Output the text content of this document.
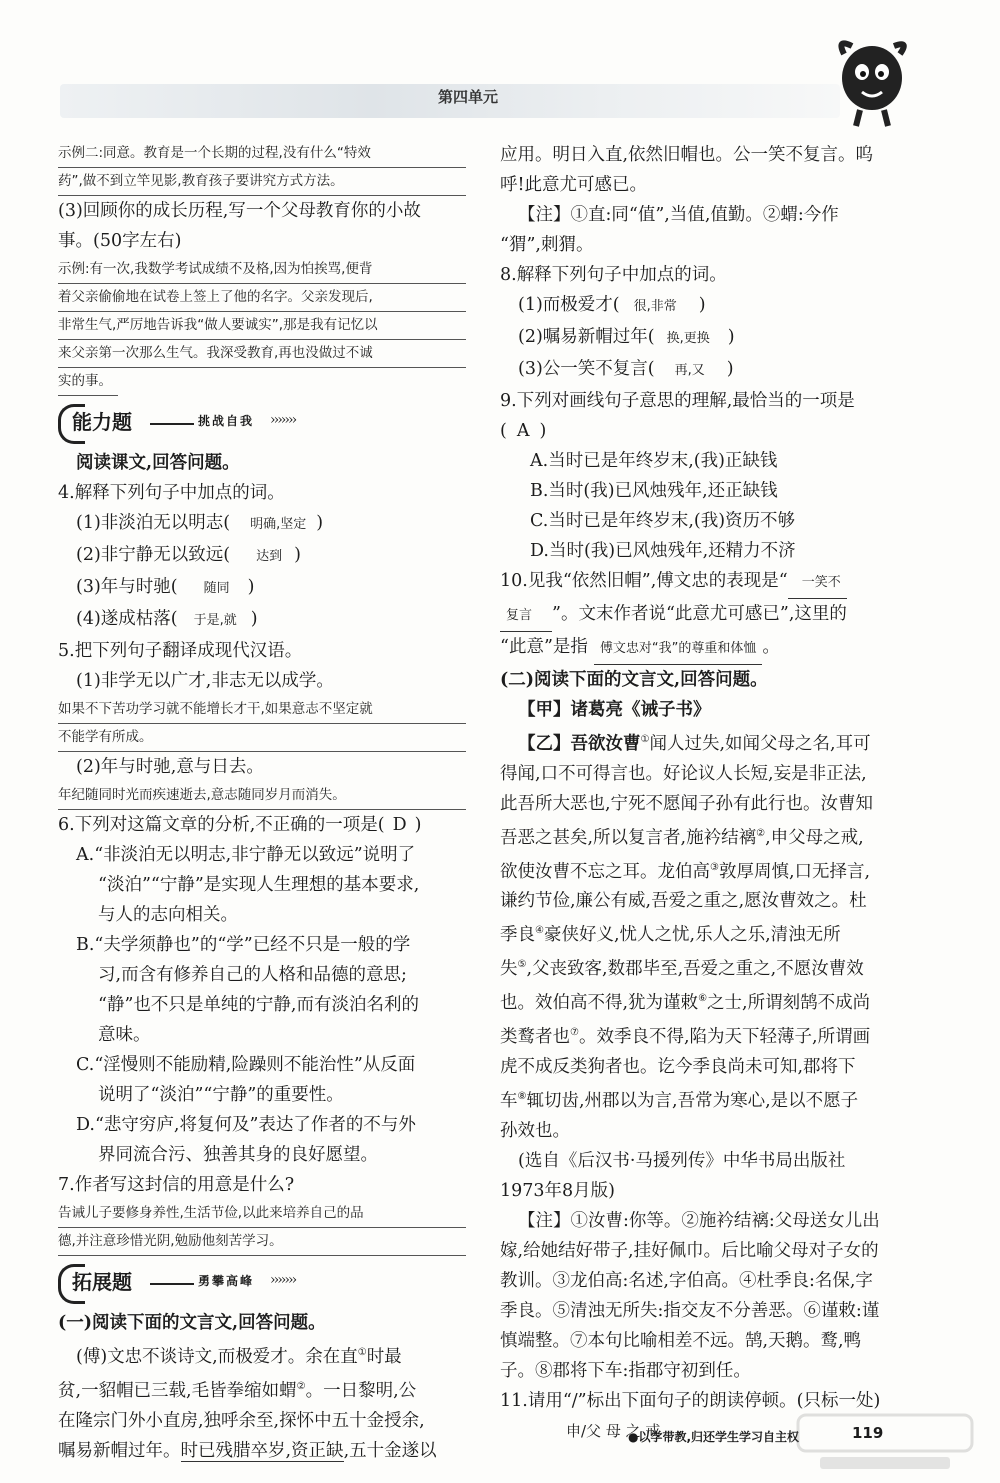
第四单元

示例二:同意。教育是一个长期的过程,没有什么“特效

药”,做不到立竿见影,教育孩子要讲究方式方法。

(3)回顾你的成长历程,写一个父母教育你的小故

事。(50字左右)

示例:有一次,我数学考试成绩不及格,因为怕挨骂,便背

着父亲偷偷地在试卷上签上了他的名字。父亲发现后,

非常生气,严厉地告诉我“做人要诚实”,那是我有记忆以

来父亲第一次那么生气。我深受教育,再也没做过不诚

实的事。

能力题	挑战自我 ›››››››

阅读课文,回答问题。

4.解释下列句子中加点的词。

(1)非淡泊无以明志( 明确,坚定 )

(2)非宁静无以致远( 达到 )

(3)年与时驰( 随同 )

(4)遂成枯落( 于是,就 )

5.把下列句子翻译成现代汉语。

(1)非学无以广才,非志无以成学。

如果不下苦功学习就不能增长才干,如果意志不坚定就

不能学有所成。

(2)年与时驰,意与日去。

年纪随同时光而疾速逝去,意志随同岁月而消失。

6.下列对这篇文章的分析,不正确的一项是( D )

A.“非淡泊无以明志,非宁静无以致远”说明了

“淡泊”“宁静”是实现人生理想的基本要求,

与人的志向相关。

B.“夫学须静也”的“学”已经不只是一般的学

习,而含有修养自己的人格和品德的意思;

“静”也不只是单纯的宁静,而有淡泊名利的

意味。

C.“淫慢则不能励精,险躁则不能治性”从反面

说明了“淡泊”“宁静”的重要性。

D.“悲守穷庐,将复何及”表达了作者的不与外

界同流合污、独善其身的良好愿望。

7.作者写这封信的用意是什么?

告诫儿子要修身养性,生活节俭,以此来培养自己的品

德,并注意珍惜光阴,勉励他刻苦学习。

拓展题	勇攀高峰 ›››››››

(一)阅读下面的文言文,回答问题。

(傅)文忠不谈诗文,而极爱才。余在直①时最

贫,一貂帽已三载,毛皆拳缩如蝟②。一日黎明,公

在隆宗门外小直房,独呼余至,探怀中五十金授余,

嘱易新帽过年。时已残腊卒岁,资正缺,五十金遂以

应用。明日入直,依然旧帽也。公一笑不复言。呜

呼!此意尤可感已。

【注】①直:同“值”,当值,值勤。②蝟:今作

“猬”,刺猬。

8.解释下列句子中加点的词。

(1)而极爱才( 很,非常 )

(2)嘱易新帽过年( 换,更换 )

(3)公一笑不复言( 再,又 )

9.下列对画线句子意思的理解,最恰当的一项是

( A )

A.当时已是年终岁末,(我)正缺钱

B.当时(我)已风烛残年,还正缺钱

C.当时已是年终岁末,(我)资历不够

D.当时(我)已风烛残年,还精力不济

10.见我“依然旧帽”,傅文忠的表现是“ 一笑不

复言 ”。文末作者说“此意尤可感已”,这里的

“此意”是指 傅文忠对“我”的尊重和体恤 。

(二)阅读下面的文言文,回答问题。

【甲】诸葛亮《诫子书》

【乙】吾欲汝曹①闻人过失,如闻父母之名,耳可

得闻,口不可得言也。好论议人长短,妄是非正法,

此吾所大恶也,宁死不愿闻子孙有此行也。汝曹知

吾恶之甚矣,所以复言者,施衿结褵②,申父母之戒,

欲使汝曹不忘之耳。龙伯高③敦厚周慎,口无择言,

谦约节俭,廉公有威,吾爱之重之,愿汝曹效之。杜

季良④豪侠好义,忧人之忧,乐人之乐,清浊无所

失⑤,父丧致客,数郡毕至,吾爱之重之,不愿汝曹效

也。效伯高不得,犹为谨敕⑥之士,所谓刻鹄不成尚

类鹜者也⑦。效季良不得,陷为天下轻薄子,所谓画

虎不成反类狗者也。讫今季良尚未可知,郡将下

车⑧辄切齿,州郡以为言,吾常为寒心,是以不愿子

孙效也。

(选自《后汉书·马援列传》中华书局出版社

1973年8月版)

【注】①汝曹:你等。②施衿结褵:父母送女儿出

嫁,给她结好带子,挂好佩巾。后比喻父母对子女的

教训。③龙伯高:名述,字伯高。④杜季良:名保,字

季良。⑤清浊无所失:指交友不分善恶。⑥谨敕:谨

慎端整。⑦本句比喻相差不远。鹄,天鹅。鹜,鸭

子。⑧郡将下车:指郡守初到任。

11.请用“/”标出下面句子的朗读停顿。(只标一处)

申/父 母 之 戒

●以学带教,归还学生学习自主权	119
